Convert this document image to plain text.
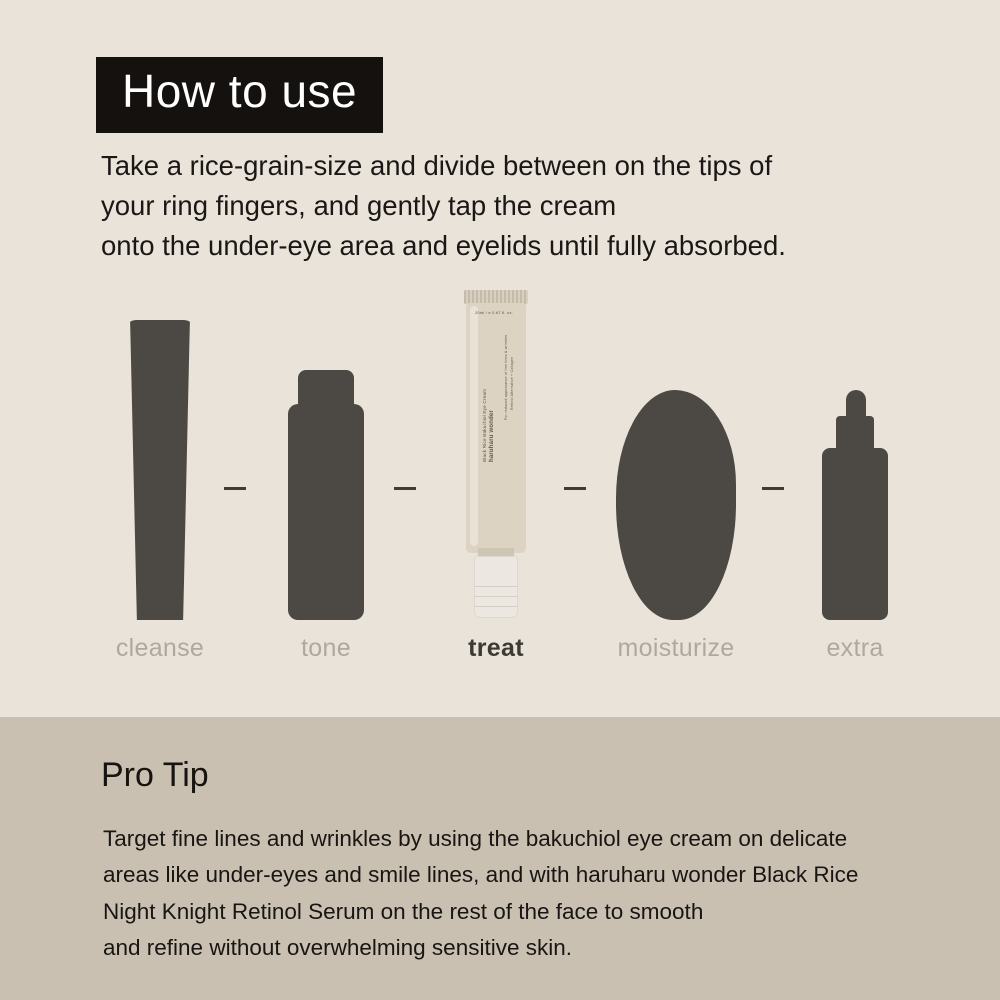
How to use
Take a rice-grain-size and divide between on the tips of
your ring fingers, and gently tap the cream
onto the under-eye area and eyelids until fully absorbed.
cleanse	tone
20ml / e 0.67 fl. oz.
Retinol Alternative + Collagen
For reduced appearance of fine lines & wrinkles
haruharu wonder
Black Rice Bakuchiol Eye Cream
treat	moisturize	extra
Pro Tip
Target fine lines and wrinkles by using the bakuchiol eye cream on delicate
areas like under-eyes and smile lines, and with haruharu wonder Black Rice
Night Knight Retinol Serum on the rest of the face to smooth
and refine without overwhelming sensitive skin.
